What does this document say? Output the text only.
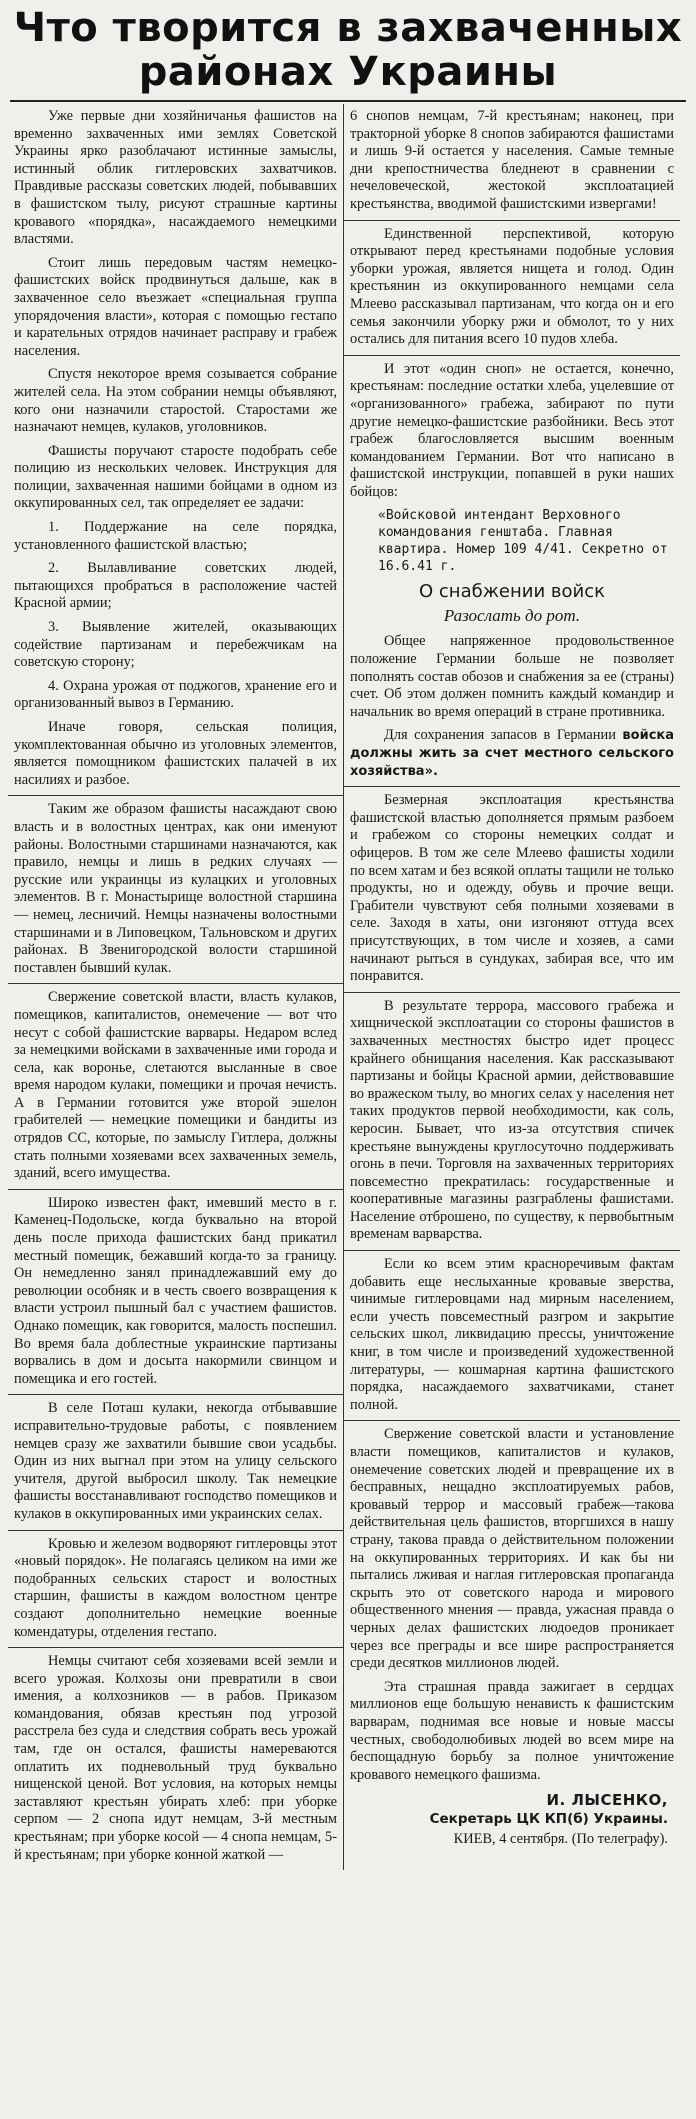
Что творится в захваченных
районах Украины

Уже первые дни хозяйничанья фашистов на временно захваченных ими землях Советской Украины ярко разоблачают истинные замыслы, истинный облик гитлеровских захватчиков. Правдивые рассказы советских людей, побывавших в фашистском тылу, рисуют страшные картины кровавого «порядка», насаждаемого немецкими властями.

Стоит лишь передовым частям немецко-фашистских войск продвинуться дальше, как в захваченное село въезжает «специальная группа упорядочения власти», которая с помощью гестапо и карательных отрядов начинает расправу и грабеж населения.

Спустя некоторое время созывается собрание жителей села. На этом собрании немцы объявляют, кого они назначили старостой. Старостами же назначают немцев, кулаков, уголовников.

Фашисты поручают старосте подобрать себе полицию из нескольких человек. Инструкция для полиции, захваченная нашими бойцами в одном из оккупированных сел, так определяет ее задачи:

1. Поддержание на селе порядка, установленного фашистской властью;

2. Вылавливание советских людей, пытающихся пробраться в расположение частей Красной армии;

3. Выявление жителей, оказывающих содействие партизанам и перебежчикам на советскую сторону;

4. Охрана урожая от поджогов, хранение его и организованный вывоз в Германию.

Иначе говоря, сельская полиция, укомплектованная обычно из уголовных элементов, является помощником фашистских палачей в их насилиях и разбое.

Таким же образом фашисты насаждают свою власть и в волостных центрах, как они именуют районы. Волостными старшинами назначаются, как правило, немцы и лишь в редких случаях — русские или украинцы из кулацких и уголовных элементов. В г. Монастырище волостной старшина — немец, лесничий. Немцы назначены волостными старшинами и в Липовецком, Тальновском и других районах. В Звенигородской волости старшиной поставлен бывший кулак.

Свержение советской власти, власть кулаков, помещиков, капиталистов, онемечение — вот что несут с собой фашистские варвары. Недаром вслед за немецкими войсками в захваченные ими города и села, как воронье, слетаются высланные в свое время народом кулаки, помещики и прочая нечисть. А в Германии готовится уже второй эшелон грабителей — немецкие помещики и бандиты из отрядов СС, которые, по замыслу Гитлера, должны стать полными хозяевами всех захваченных земель, зданий, всего имущества.

Широко известен факт, имевший место в г. Каменец-Подольске, когда буквально на второй день после прихода фашистских банд прикатил местный помещик, бежавший когда-то за границу. Он немедленно занял принадлежавший ему до революции особняк и в честь своего возвращения к власти устроил пышный бал с участием фашистов. Однако помещик, как говорится, малость поспешил. Во время бала доблестные украинские партизаны ворвались в дом и досыта накормили свинцом и помещика и его гостей.

В селе Поташ кулаки, некогда отбывавшие исправительно-трудовые работы, с появлением немцев сразу же захватили бывшие свои усадьбы. Один из них выгнал при этом на улицу сельского учителя, другой выбросил школу. Так немецкие фашисты восстанавливают господство помещиков и кулаков в оккупированных ими украинских селах.

Кровью и железом водворяют гитлеровцы этот «новый порядок». Не полагаясь целиком на ими же подобранных сельских старост и волостных старшин, фашисты в каждом волостном центре создают дополнительно немецкие военные комендатуры, отделения гестапо.

Немцы считают себя хозяевами всей земли и всего урожая. Колхозы они превратили в свои имения, а колхозников — в рабов. Приказом командования, обязав крестьян под угрозой расстрела без суда и следствия собрать весь урожай там, где он остался, фашисты намереваются оплатить их подневольный труд буквально нищенской ценой. Вот условия, на которых немцы заставляют крестьян убирать хлеб: при уборке серпом — 2 снопа идут немцам, 3-й местным крестьянам; при уборке косой — 4 снопа немцам, 5-й крестьянам; при уборке конной жаткой —

6 снопов немцам, 7-й крестьянам; наконец, при тракторной уборке 8 снопов забираются фашистами и лишь 9-й остается у населения. Самые темные дни крепостничества бледнеют в сравнении с нечеловеческой, жестокой эксплоатацией крестьянства, вводимой фашистскими извергами!

Единственной перспективой, которую открывают перед крестьянами подобные условия уборки урожая, является нищета и голод. Один крестьянин из оккупированного немцами села Млеево рассказывал партизанам, что когда он и его семья закончили уборку ржи и обмолот, то у них остались для питания всего 10 пудов хлеба.

И этот «один сноп» не остается, конечно, крестьянам: последние остатки хлеба, уцелевшие от «организованного» грабежа, забирают по пути другие немецко-фашистские разбойники. Весь этот грабеж благословляется высшим военным командованием Германии. Вот что написано в фашистской инструкции, попавшей в руки наших бойцов:

«Войсковой интендант Верховного командования генштаба. Главная квартира. Номер 109 4/41. Секретно от 16.6.41 г.
О снабжении войск
Разослать до рот.

Общее напряженное продовольственное положение Германии больше не позволяет пополнять состав обозов и снабжения за ее (страны) счет. Об этом должен помнить каждый командир и начальник во время операций в стране противника.

Для сохранения запасов в Германии войска должны жить за счет местного сельского хозяйства».

Безмерная эксплоатация крестьянства фашистской властью дополняется прямым разбоем и грабежом со стороны немецких солдат и офицеров. В том же селе Млеево фашисты ходили по всем хатам и без всякой оплаты тащили не только продукты, но и одежду, обувь и прочие вещи. Грабители чувствуют себя полными хозяевами в селе. Заходя в хаты, они изгоняют оттуда всех присутствующих, в том числе и хозяев, а сами начинают рыться в сундуках, забирая все, что им понравится.

В результате террора, массового грабежа и хищнической эксплоатации со стороны фашистов в захваченных местностях быстро идет процесс крайнего обнищания населения. Как рассказывают партизаны и бойцы Красной армии, действовавшие во вражеском тылу, во многих селах у населения нет таких продуктов первой необходимости, как соль, керосин. Бывает, что из-за отсутствия спичек крестьяне вынуждены круглосуточно поддерживать огонь в печи. Торговля на захваченных территориях повсеместно прекратилась: государственные и кооперативные магазины разграблены фашистами. Население отброшено, по существу, к первобытным временам варварства.

Если ко всем этим красноречивым фактам добавить еще неслыханные кровавые зверства, чинимые гитлеровцами над мирным населением, если учесть повсеместный разгром и закрытие сельских школ, ликвидацию прессы, уничтожение книг, в том числе и произведений художественной литературы, — кошмарная картина фашистского порядка, насаждаемого захватчиками, станет полной.

Свержение советской власти и установление власти помещиков, капиталистов и кулаков, онемечение советских людей и превращение их в бесправных, нещадно эксплоатируемых рабов, кровавый террор и массовый грабеж—такова действительная цель фашистов, вторгшихся в нашу страну, такова правда о действительном положении на оккупированных территориях. И как бы ни пытались лживая и наглая гитлеровская пропаганда скрыть это от советского народа и мирового общественного мнения — правда, ужасная правда о черных делах фашистских людоедов проникает через все преграды и все шире распространяется среди десятков миллионов людей.

Эта страшная правда зажигает в сердцах миллионов еще большую ненависть к фашистским варварам, поднимая все новые и новые массы честных, свободолюбивых людей во всем мире на беспощадную борьбу за полное уничтожение кровавого немецкого фашизма.

И. ЛЫСЕНКО,
Секретарь ЦК КП(б) Украины.
КИЕВ, 4 сентября. (По телеграфу).
